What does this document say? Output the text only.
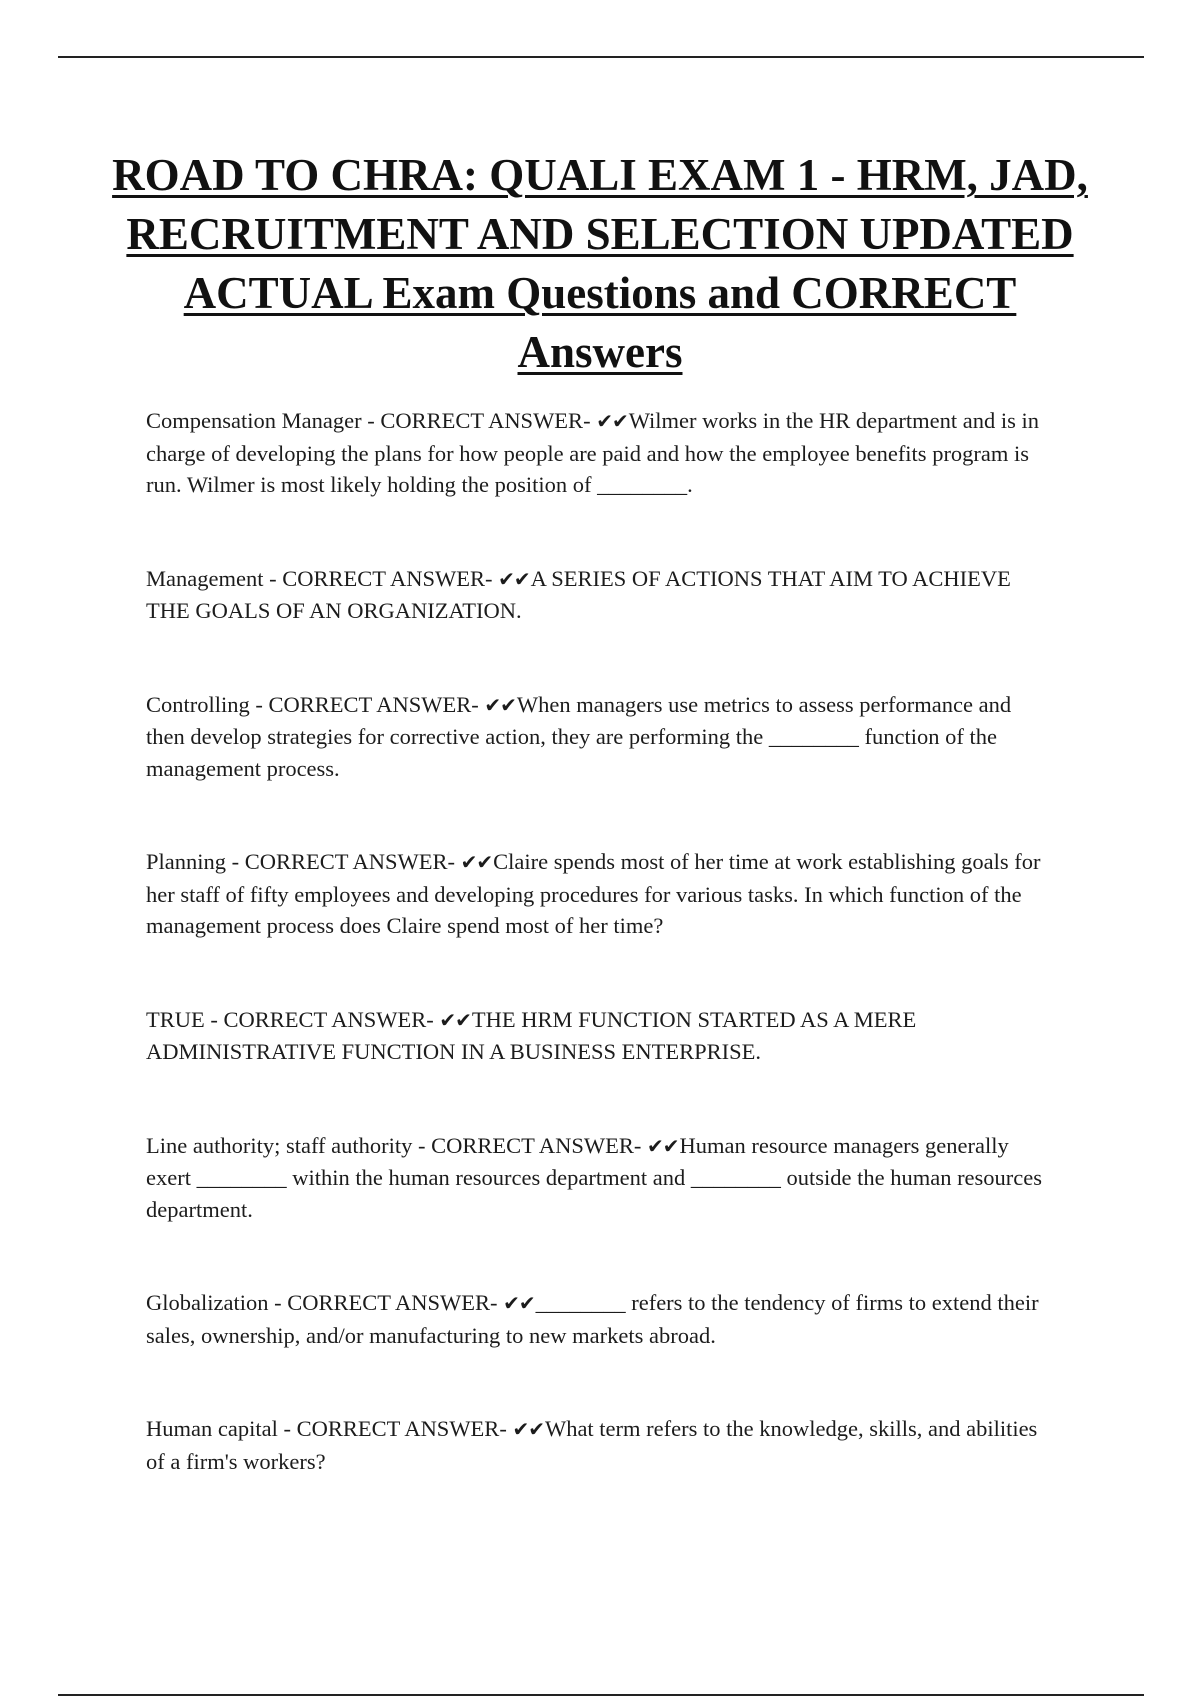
ROAD TO CHRA: QUALI EXAM 1 - HRM, JAD, RECRUITMENT AND SELECTION UPDATED ACTUAL Exam Questions and CORRECT Answers

Compensation Manager - CORRECT ANSWER- ✔✔Wilmer works in the HR department and is in charge of developing the plans for how people are paid and how the employee benefits program is run. Wilmer is most likely holding the position of ________.

Management - CORRECT ANSWER- ✔✔A SERIES OF ACTIONS THAT AIM TO ACHIEVE THE GOALS OF AN ORGANIZATION.

Controlling - CORRECT ANSWER- ✔✔When managers use metrics to assess performance and then develop strategies for corrective action, they are performing the ________ function of the management process.

Planning - CORRECT ANSWER- ✔✔Claire spends most of her time at work establishing goals for her staff of fifty employees and developing procedures for various tasks. In which function of the management process does Claire spend most of her time?

TRUE - CORRECT ANSWER- ✔✔THE HRM FUNCTION STARTED AS A MERE ADMINISTRATIVE FUNCTION IN A BUSINESS ENTERPRISE.

Line authority; staff authority - CORRECT ANSWER- ✔✔Human resource managers generally exert ________ within the human resources department and ________ outside the human resources department.

Globalization - CORRECT ANSWER- ✔✔________ refers to the tendency of firms to extend their sales, ownership, and/or manufacturing to new markets abroad.

Human capital - CORRECT ANSWER- ✔✔What term refers to the knowledge, skills, and abilities of a firm's workers?
